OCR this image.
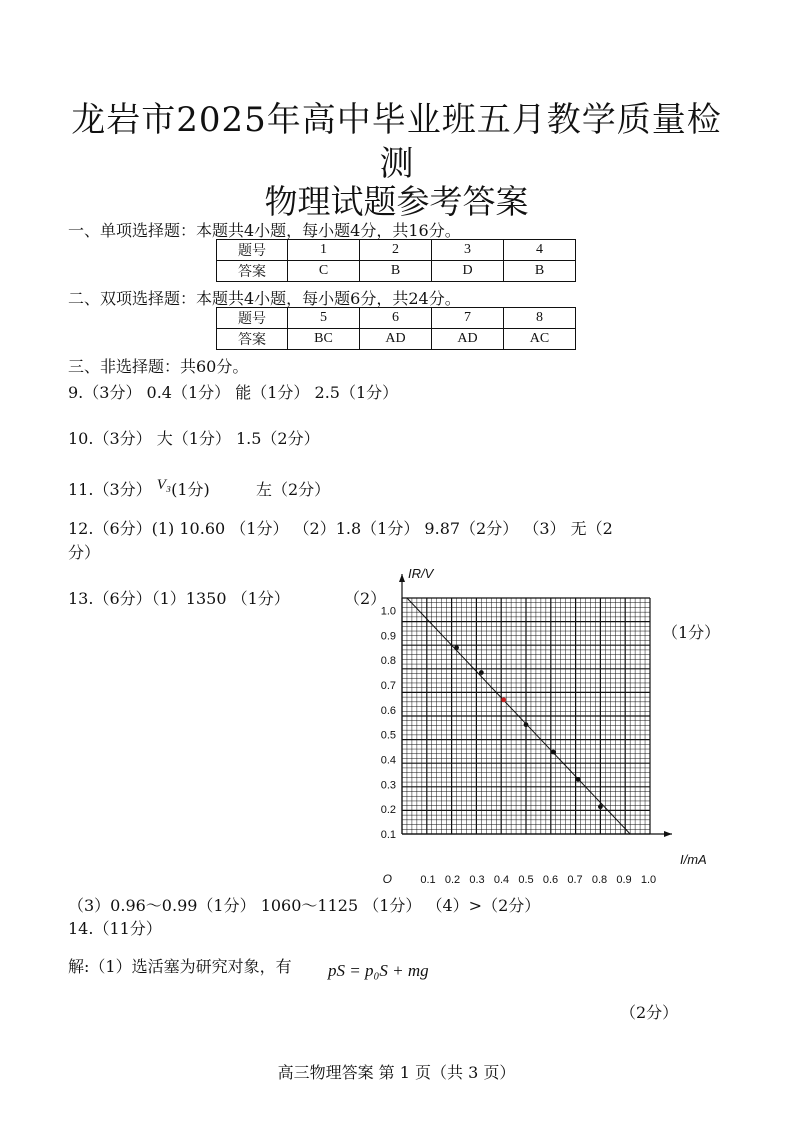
龙岩市2025年高中毕业班五月教学质量检
测
物理试题参考答案
一、单项选择题：本题共4小题，每小题4分，共16分。
题号	1	2	3	4
答案	C	B	D	B
二、双项选择题：本题共4小题，每小题6分，共24分。
题号	5	6	7	8
答案	BC	AD	AD	AC
三、非选择题：共60分。
9.（3分） 0.4（1分） 能（1分） 2.5（1分）
10.（3分） 大（1分） 1.5（2分）
11.（3分） V₃(1分)	左（2分）
12.（6分）(1) 10.60 （1分） （2）1.8（1分） 9.87（2分） （3） 无（2
分）
13.（6分）（1）1350 （1分）	（2）
（1分）
1.0
0.9
0.8
0.7
0.6
0.5
0.4
0.3
0.2
0.1
0.1 0.2 0.3 0.4 0.5 0.6 0.7 0.8 0.9 1.0
O
IR/V
I/mA
（3）0.96～0.99（1分） 1060～1125 （1分） （4）>（2分）
14.（11分）
解:（1）选活塞为研究对象，有 pS = p₀S + mg
（2分）
高三物理答案 第 1 页（共 3 页）
